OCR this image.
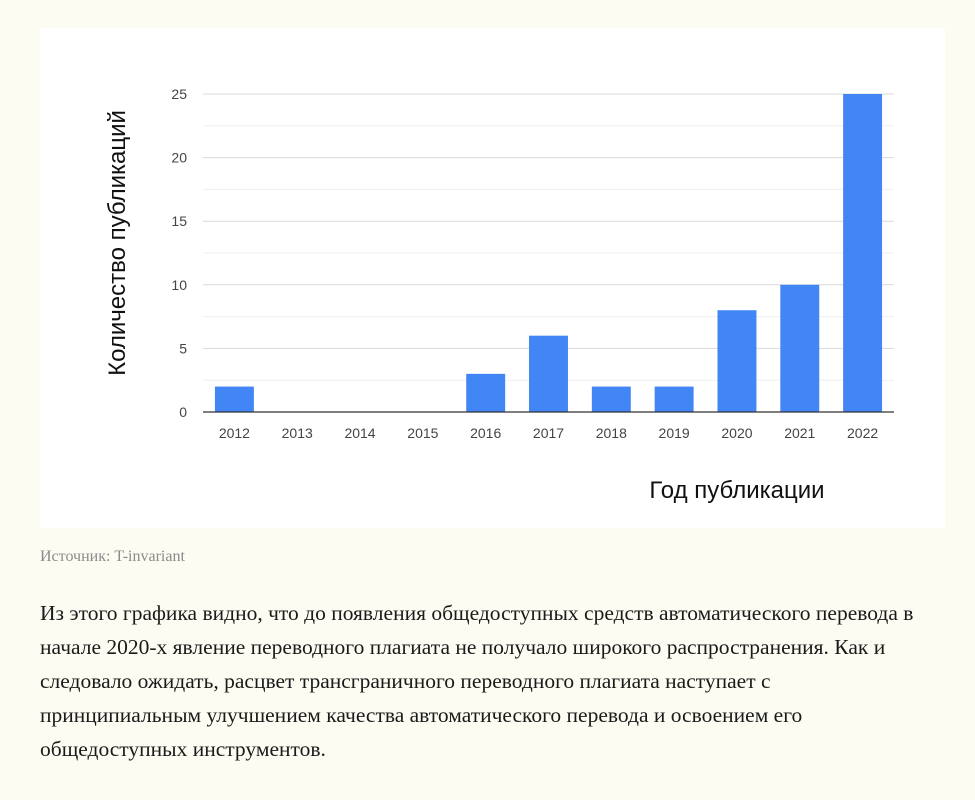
0
5
10
15
20
25
2012 2013 2014 2015 2016 2017 2018 2019 2020 2021 2022
Количество публикаций
Год публикации

Источник: T-invariant

Из этого графика видно, что до появления общедоступных средств автоматического перевода в начале 2020-х явление переводного плагиата не получало широкого распространения. Как и следовало ожидать, расцвет трансграничного переводного плагиата наступает с принципиальным улучшением качества автоматического перевода и освоением его общедоступных инструментов.
